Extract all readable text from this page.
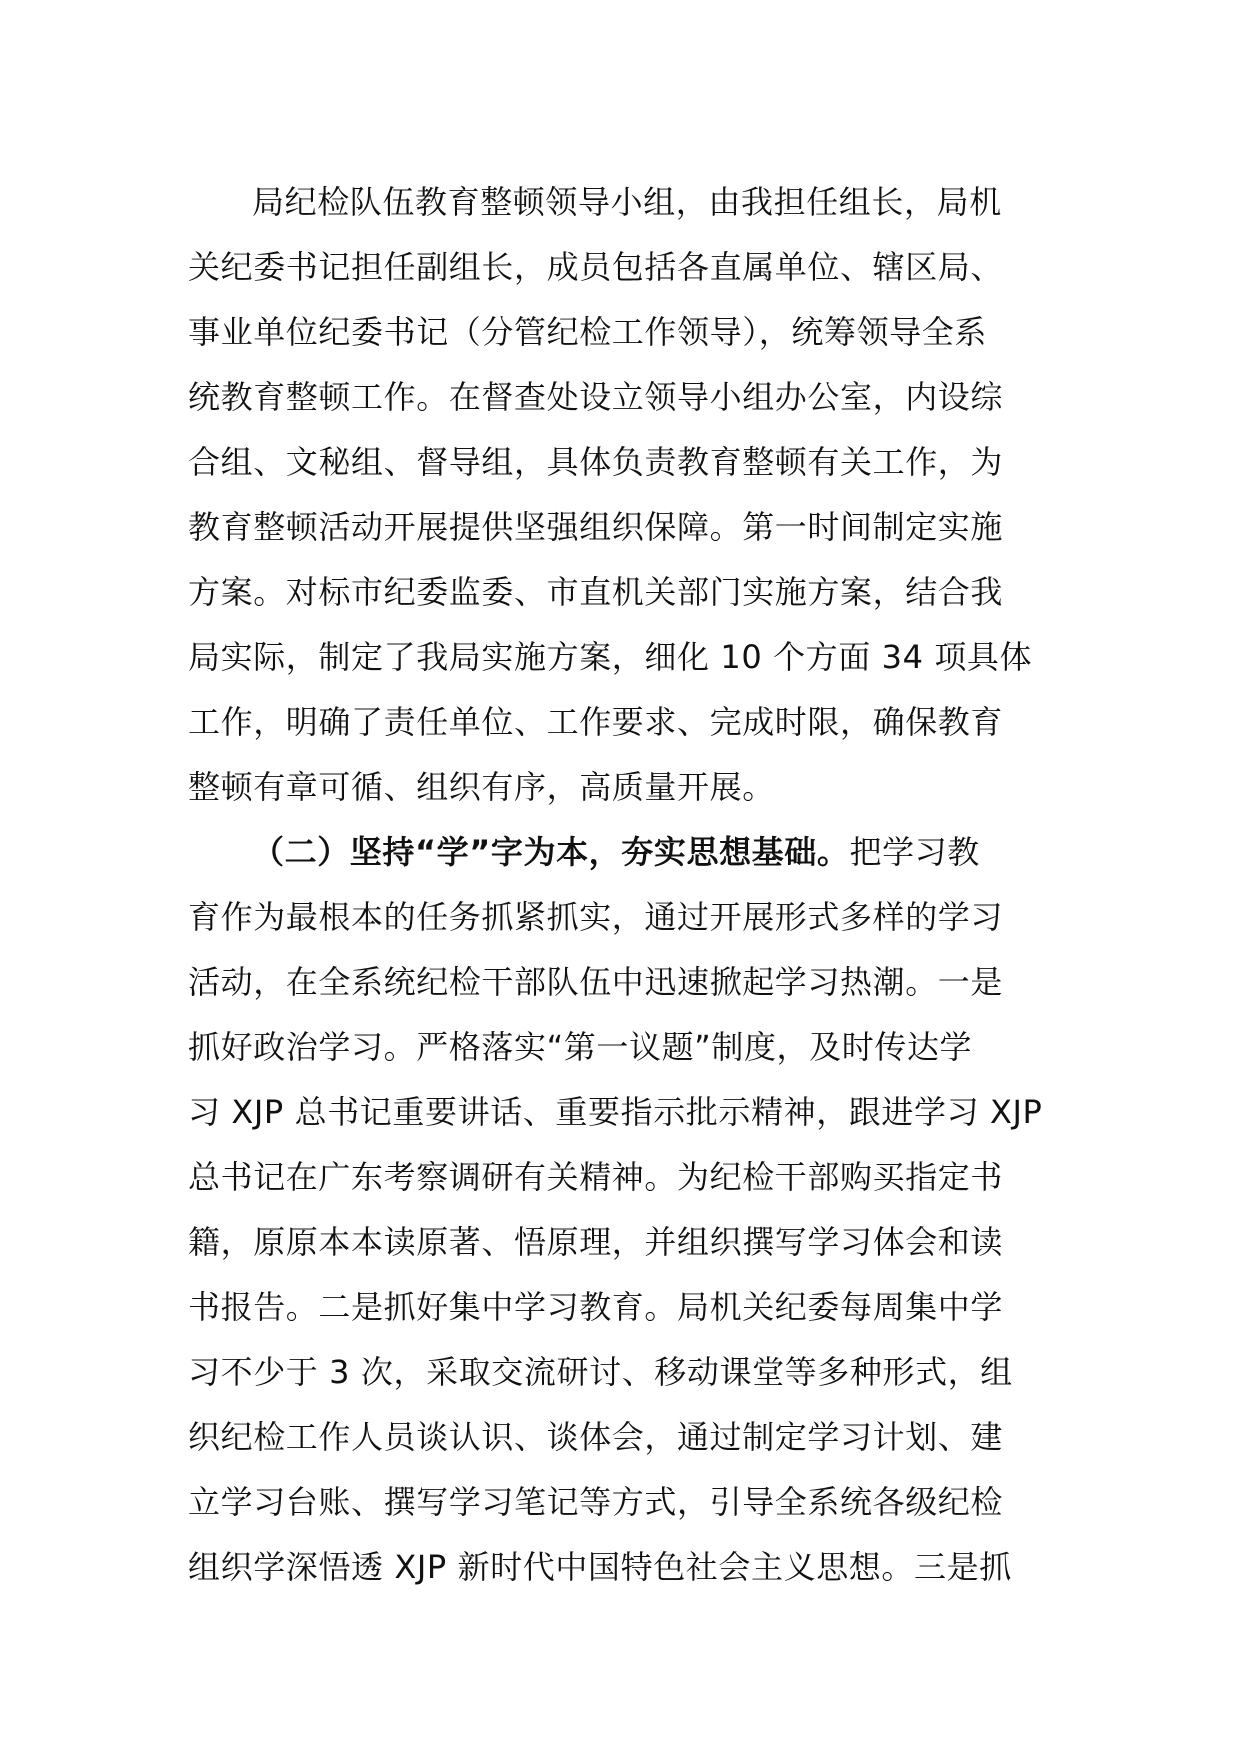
局纪检队伍教育整顿领导小组，由我担任组长，局机
关纪委书记担任副组长，成员包括各直属单位、辖区局、
事业单位纪委书记（分管纪检工作领导），统筹领导全系
统教育整顿工作。在督查处设立领导小组办公室，内设综
合组、文秘组、督导组，具体负责教育整顿有关工作，为
教育整顿活动开展提供坚强组织保障。第一时间制定实施
方案。对标市纪委监委、市直机关部门实施方案，结合我
局实际，制定了我局实施方案，细化 10 个方面 34 项具体
工作，明确了责任单位、工作要求、完成时限，确保教育
整顿有章可循、组织有序，高质量开展。
（二）坚持“学”字为本，夯实思想基础。把学习教
育作为最根本的任务抓紧抓实，通过开展形式多样的学习
活动，在全系统纪检干部队伍中迅速掀起学习热潮。一是
抓好政治学习。严格落实“第一议题”制度，及时传达学
习 XJP 总书记重要讲话、重要指示批示精神，跟进学习 XJP
总书记在广东考察调研有关精神。为纪检干部购买指定书
籍，原原本本读原著、悟原理，并组织撰写学习体会和读
书报告。二是抓好集中学习教育。局机关纪委每周集中学
习不少于 3 次，采取交流研讨、移动课堂等多种形式，组
织纪检工作人员谈认识、谈体会，通过制定学习计划、建
立学习台账、撰写学习笔记等方式，引导全系统各级纪检
组织学深悟透 XJP 新时代中国特色社会主义思想。三是抓
